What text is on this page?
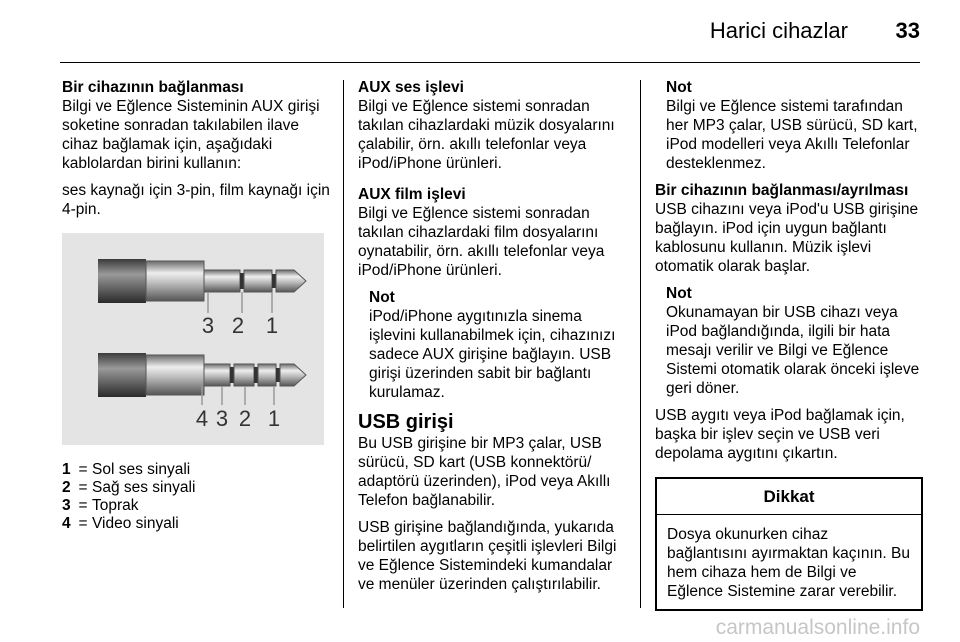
Harici cihazlar 33
Bir cihazının bağlanması

Bilgi ve Eğlence Sisteminin AUX girişi soketine sonradan takılabilen ilave cihaz bağlamak için, aşağıdaki kablolardan birini kullanın:

ses kaynağı için 3-pin, film kaynağı için 4-pin.

3 2 1
4 3 2 1
1 = Sol ses sinyali
2 = Sağ ses sinyali
3 = Toprak
4 = Video sinyali
AUX ses işlevi

Bilgi ve Eğlence sistemi sonradan takılan cihazlardaki müzik dosyalarını çalabilir, örn. akıllı telefonlar veya iPod/iPhone ürünleri.

AUX film işlevi

Bilgi ve Eğlence sistemi sonradan takılan cihazlardaki film dosyalarını oynatabilir, örn. akıllı telefonlar veya iPod/iPhone ürünleri.

Not
iPod/iPhone aygıtınızla sinema işlevini kullanabilmek için, cihazınızı sadece AUX girişine bağlayın. USB girişi üzerinden sabit bir bağlantı kurulamaz.
USB girişi

Bu USB girişine bir MP3 çalar, USB sürücü, SD kart (USB konnektörü/ adaptörü üzerinden), iPod veya Akıllı Telefon bağlanabilir.

USB girişine bağlandığında, yukarıda belirtilen aygıtların çeşitli işlevleri Bilgi ve Eğlence Sistemindeki kumandalar ve menüler üzerinden çalıştırılabilir.

Not
Bilgi ve Eğlence sistemi tarafından her MP3 çalar, USB sürücü, SD kart, iPod modelleri veya Akıllı Telefonlar desteklenmez.
Bir cihazının bağlanması/ayrılması

USB cihazını veya iPod'u USB girişine bağlayın. iPod için uygun bağlantı kablosunu kullanın. Müzik işlevi otomatik olarak başlar.

Not
Okunamayan bir USB cihazı veya iPod bağlandığında, ilgili bir hata mesajı verilir ve Bilgi ve Eğlence Sistemi otomatik olarak önceki işleve geri döner.

USB aygıtı veya iPod bağlamak için, başka bir işlev seçin ve USB veri depolama aygıtını çıkartın.

Dikkat
Dosya okunurken cihaz bağlantısını ayırmaktan kaçının. Bu hem cihaza hem de Bilgi ve Eğlence Sistemine zarar verebilir.
carmanualsonline.info
